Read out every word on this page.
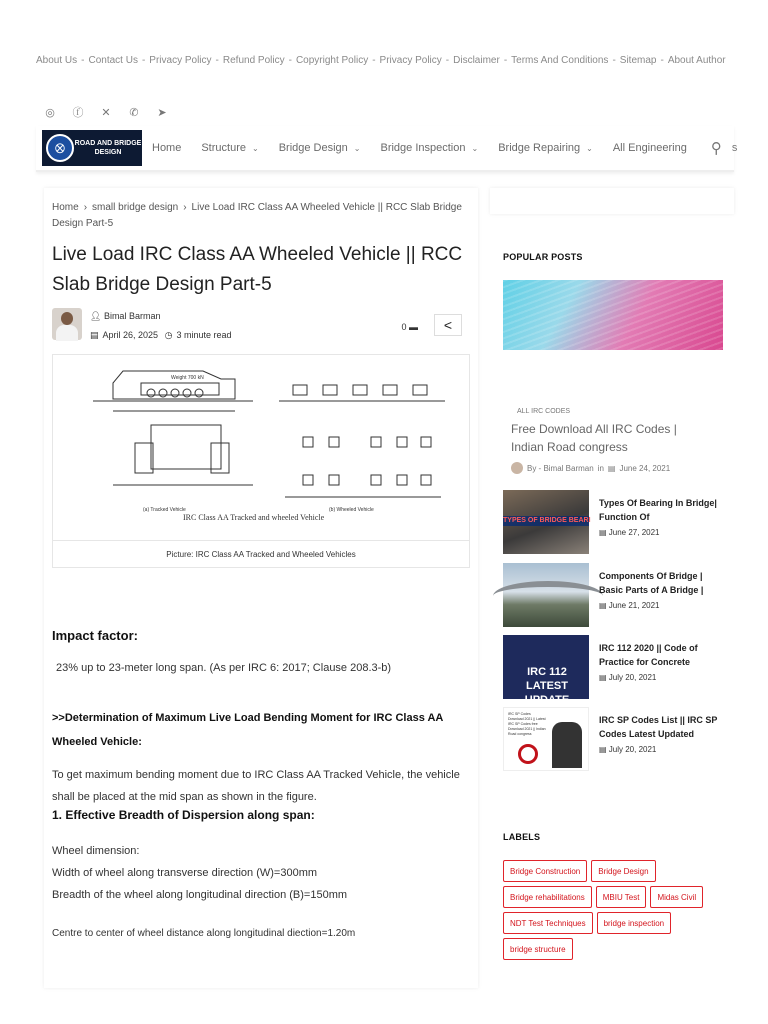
About Us - Contact Us - Privacy Policy - Refund Policy - Copyright Policy - Privacy Policy - Disclaimer - Terms And Conditions - Sitemap - About Author
◎ ⓕ ✕ ✆ ➤
⛒	ROAD AND BRIDGE DESIGN	Home Structure ⌄ Bridge Design ⌄ Bridge Inspection ⌄ Bridge Repairing ⌄ All Engineering ⚲ s
Home › small bridge design › Live Load IRC Class AA Wheeled Vehicle || RCC Slab Bridge Design Part-5
Live Load IRC Class AA Wheeled Vehicle || RCC Slab Bridge Design Part-5
👤︎ Bimal Barman
▤ April 26, 2025 ◷ 3 minute read
0 ▬ <
Weight 700 kN
(a) Tracked Vehicle	(b) Wheeled Vehicle
IRC Class AA Tracked and wheeled Vehicle
Picture: IRC Class AA Tracked and Wheeled Vehicles
Impact factor:
23% up to 23-meter long span. (As per IRC 6: 2017; Clause 208.3-b)
>>Determination of Maximum Live Load Bending Moment for IRC Class AA Wheeled Vehicle:
To get maximum bending moment due to IRC Class AA Tracked Vehicle, the vehicle shall be placed at the mid span as shown in the figure.
1. Effective Breadth of Dispersion along span:
Wheel dimension:
Width of wheel along transverse direction (W)=300mm
Breadth of the wheel along longitudinal direction (B)=150mm
Centre to center of wheel distance along longitudinal diection=1.20m
POPULAR POSTS
ALL IRC CODES
Free Download All IRC Codes | Indian Road congress
By - Bimal Barman in ▤ June 24, 2021
TYPES OF BRIDGE BEARI
Types Of Bearing In Bridge| Function Of
▤ June 27, 2021
Components Of Bridge | Basic Parts of A Bridge |
▤ June 21, 2021
IRC 112 LATEST UPDATE
IRC 112 2020 || Code of Practice for Concrete
▤ July 20, 2021
IRC SP Codes Download 2021 || Latest IRC SP Codes free Download 2021 || Indian Road congress
IRC SP Codes List || IRC SP Codes Latest Updated
▤ July 20, 2021
LABELS
Bridge Construction	Bridge Design
Bridge rehabilitations	MBIU Test	Midas Civil
NDT Test Techniques	bridge inspection
bridge structure
